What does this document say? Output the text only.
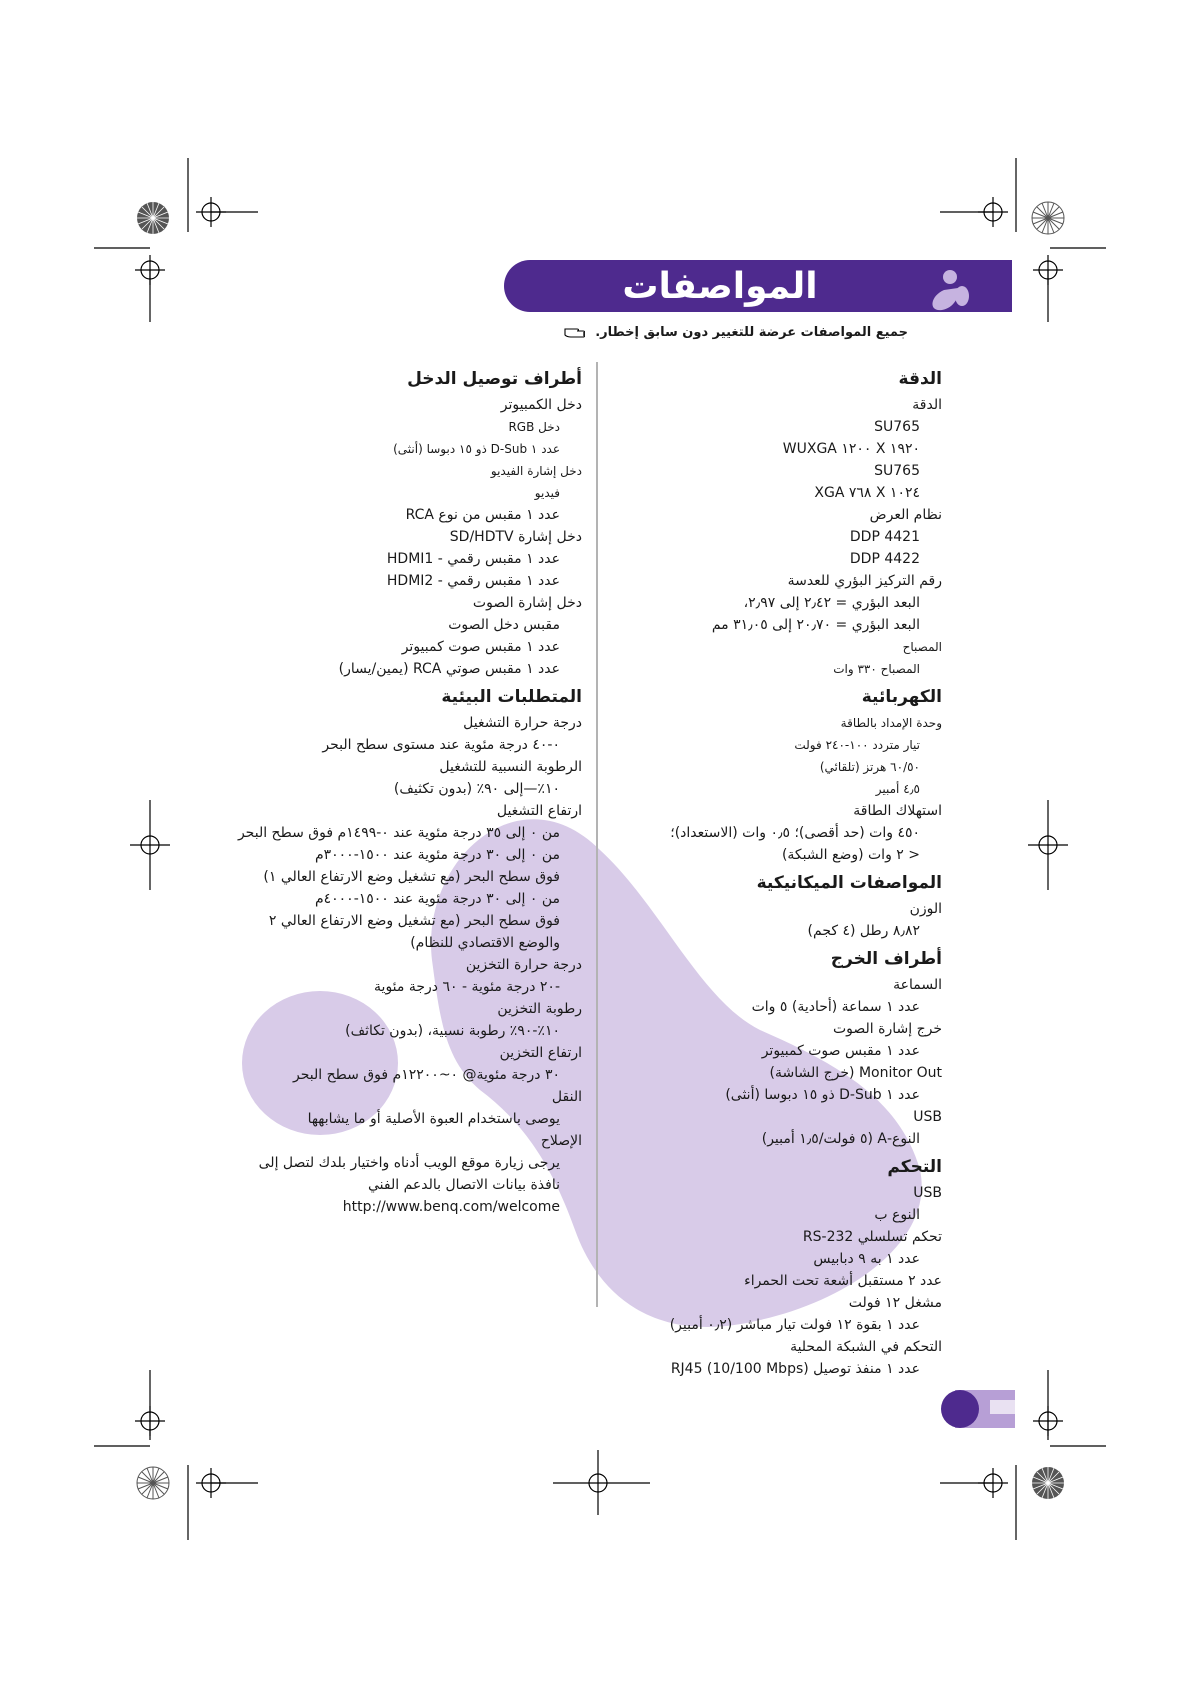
المواصفات
جميع المواصفات عرضة للتغيير دون سابق إخطار.
الدقة
الدقة
SU765
١٩٢٠ X ١٢٠٠ WUXGA
SU765
١٠٢٤ X ٧٦٨ XGA
نظام العرض
DDP 4421
DDP 4422
رقم التركيز البؤري للعدسة
البعد البؤري = ٢٫٤٢ إلى ٢٫٩٧،
البعد البؤري = ٢٠٫٧٠ إلى ٣١٫٠٥ مم
المصباح
المصباح ٣٣٠ وات
الكهربائية
وحدة الإمداد بالطاقة
تيار متردد ١٠٠-٢٤٠ فولت
٦٠/٥٠ هرتز (تلقائي)
٤٫٥ أمبير
استهلاك الطاقة
٤٥٠ وات (حد أقصى)؛ ٠٫٥ وات (الاستعداد)؛
< ٢ وات (وضع الشبكة)
المواصفات الميكانيكية
الوزن
٨٫٨٢ رطل (٤ كجم)
أطراف الخرج
السماعة
عدد ١ سماعة (أحادية) ٥ وات
خرج إشارة الصوت
عدد ١ مقبس صوت كمبيوتر
Monitor Out (خرج الشاشة)
عدد ١ D-Sub ذو ١٥ دبوسا (أنثى)
USB
النوع-A (٥ فولت/١٫٥ أمبير)
التحكم
USB
النوع ب
تحكم تسلسلي RS-232
عدد ١ به ٩ دبابيس
عدد ٢ مستقبل أشعة تحت الحمراء
مشغل ١٢ فولت
عدد ١ بقوة ١٢ فولت تيار مباشر (٠٫٢ أمبير)
التحكم في الشبكة المحلية
عدد ١ منفذ توصيل RJ45 (10/100 Mbps)
أطراف توصيل الدخل
دخل الكمبيوتر
دخل RGB
عدد ١ D-Sub ذو ١٥ دبوسا (أنثى)
دخل إشارة الفيديو
فيديو
عدد ١ مقبس من نوع RCA
دخل إشارة SD/HDTV
عدد ١ مقبس رقمي - HDMI1
عدد ١ مقبس رقمي - HDMI2
دخل إشارة الصوت
مقبس دخل الصوت
عدد ١ مقبس صوت كمبيوتر
عدد ١ مقبس صوتي RCA (يمين/يسار)
المتطلبات البيئية
درجة حرارة التشغيل
٠-٤٠ درجة مئوية عند مستوى سطح البحر
الرطوبة النسبية للتشغيل
١٠٪—إلى ٩٠٪ (بدون تكثيف)
ارتفاع التشغيل
من ٠ إلى ٣٥ درجة مئوية عند ٠-١٤٩٩م فوق سطح البحر
من ٠ إلى ٣٠ درجة مئوية عند ١٥٠٠-٣٠٠٠م
فوق سطح البحر (مع تشغيل وضع الارتفاع العالي ١)
من ٠ إلى ٣٠ درجة مئوية عند ١٥٠٠-٤٠٠٠م
فوق سطح البحر (مع تشغيل وضع الارتفاع العالي ٢
والوضع الاقتصادي للنظام)
درجة حرارة التخزين
-٢٠ درجة مئوية - ٦٠ درجة مئوية
رطوبة التخزين
١٠٪-٩٠٪ رطوبة نسبية، (بدون تكاثف)
ارتفاع التخزين
٣٠ درجة مئوية@ ٠~١٢٢٠٠م فوق سطح البحر
النقل
يوصى باستخدام العبوة الأصلية أو ما يشابهها
الإصلاح
يرجى زيارة موقع الويب أدناه واختيار بلدك لتصل إلى نافذة بيانات الاتصال بالدعم الفني
http://www.benq.com/welcome
